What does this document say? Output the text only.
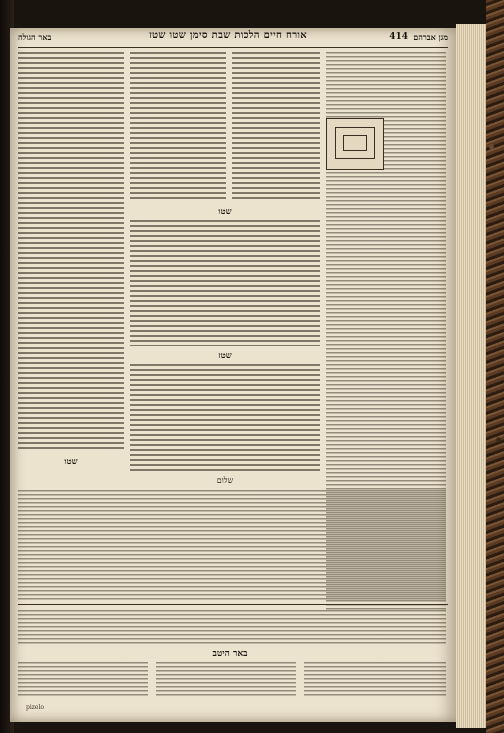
באר הגולה	אורח חיים הלכות שבת סימן שטו שטז	414 מגן אברהם
שטו
שטז
שטו
שלום
באר היטב
pizelo
